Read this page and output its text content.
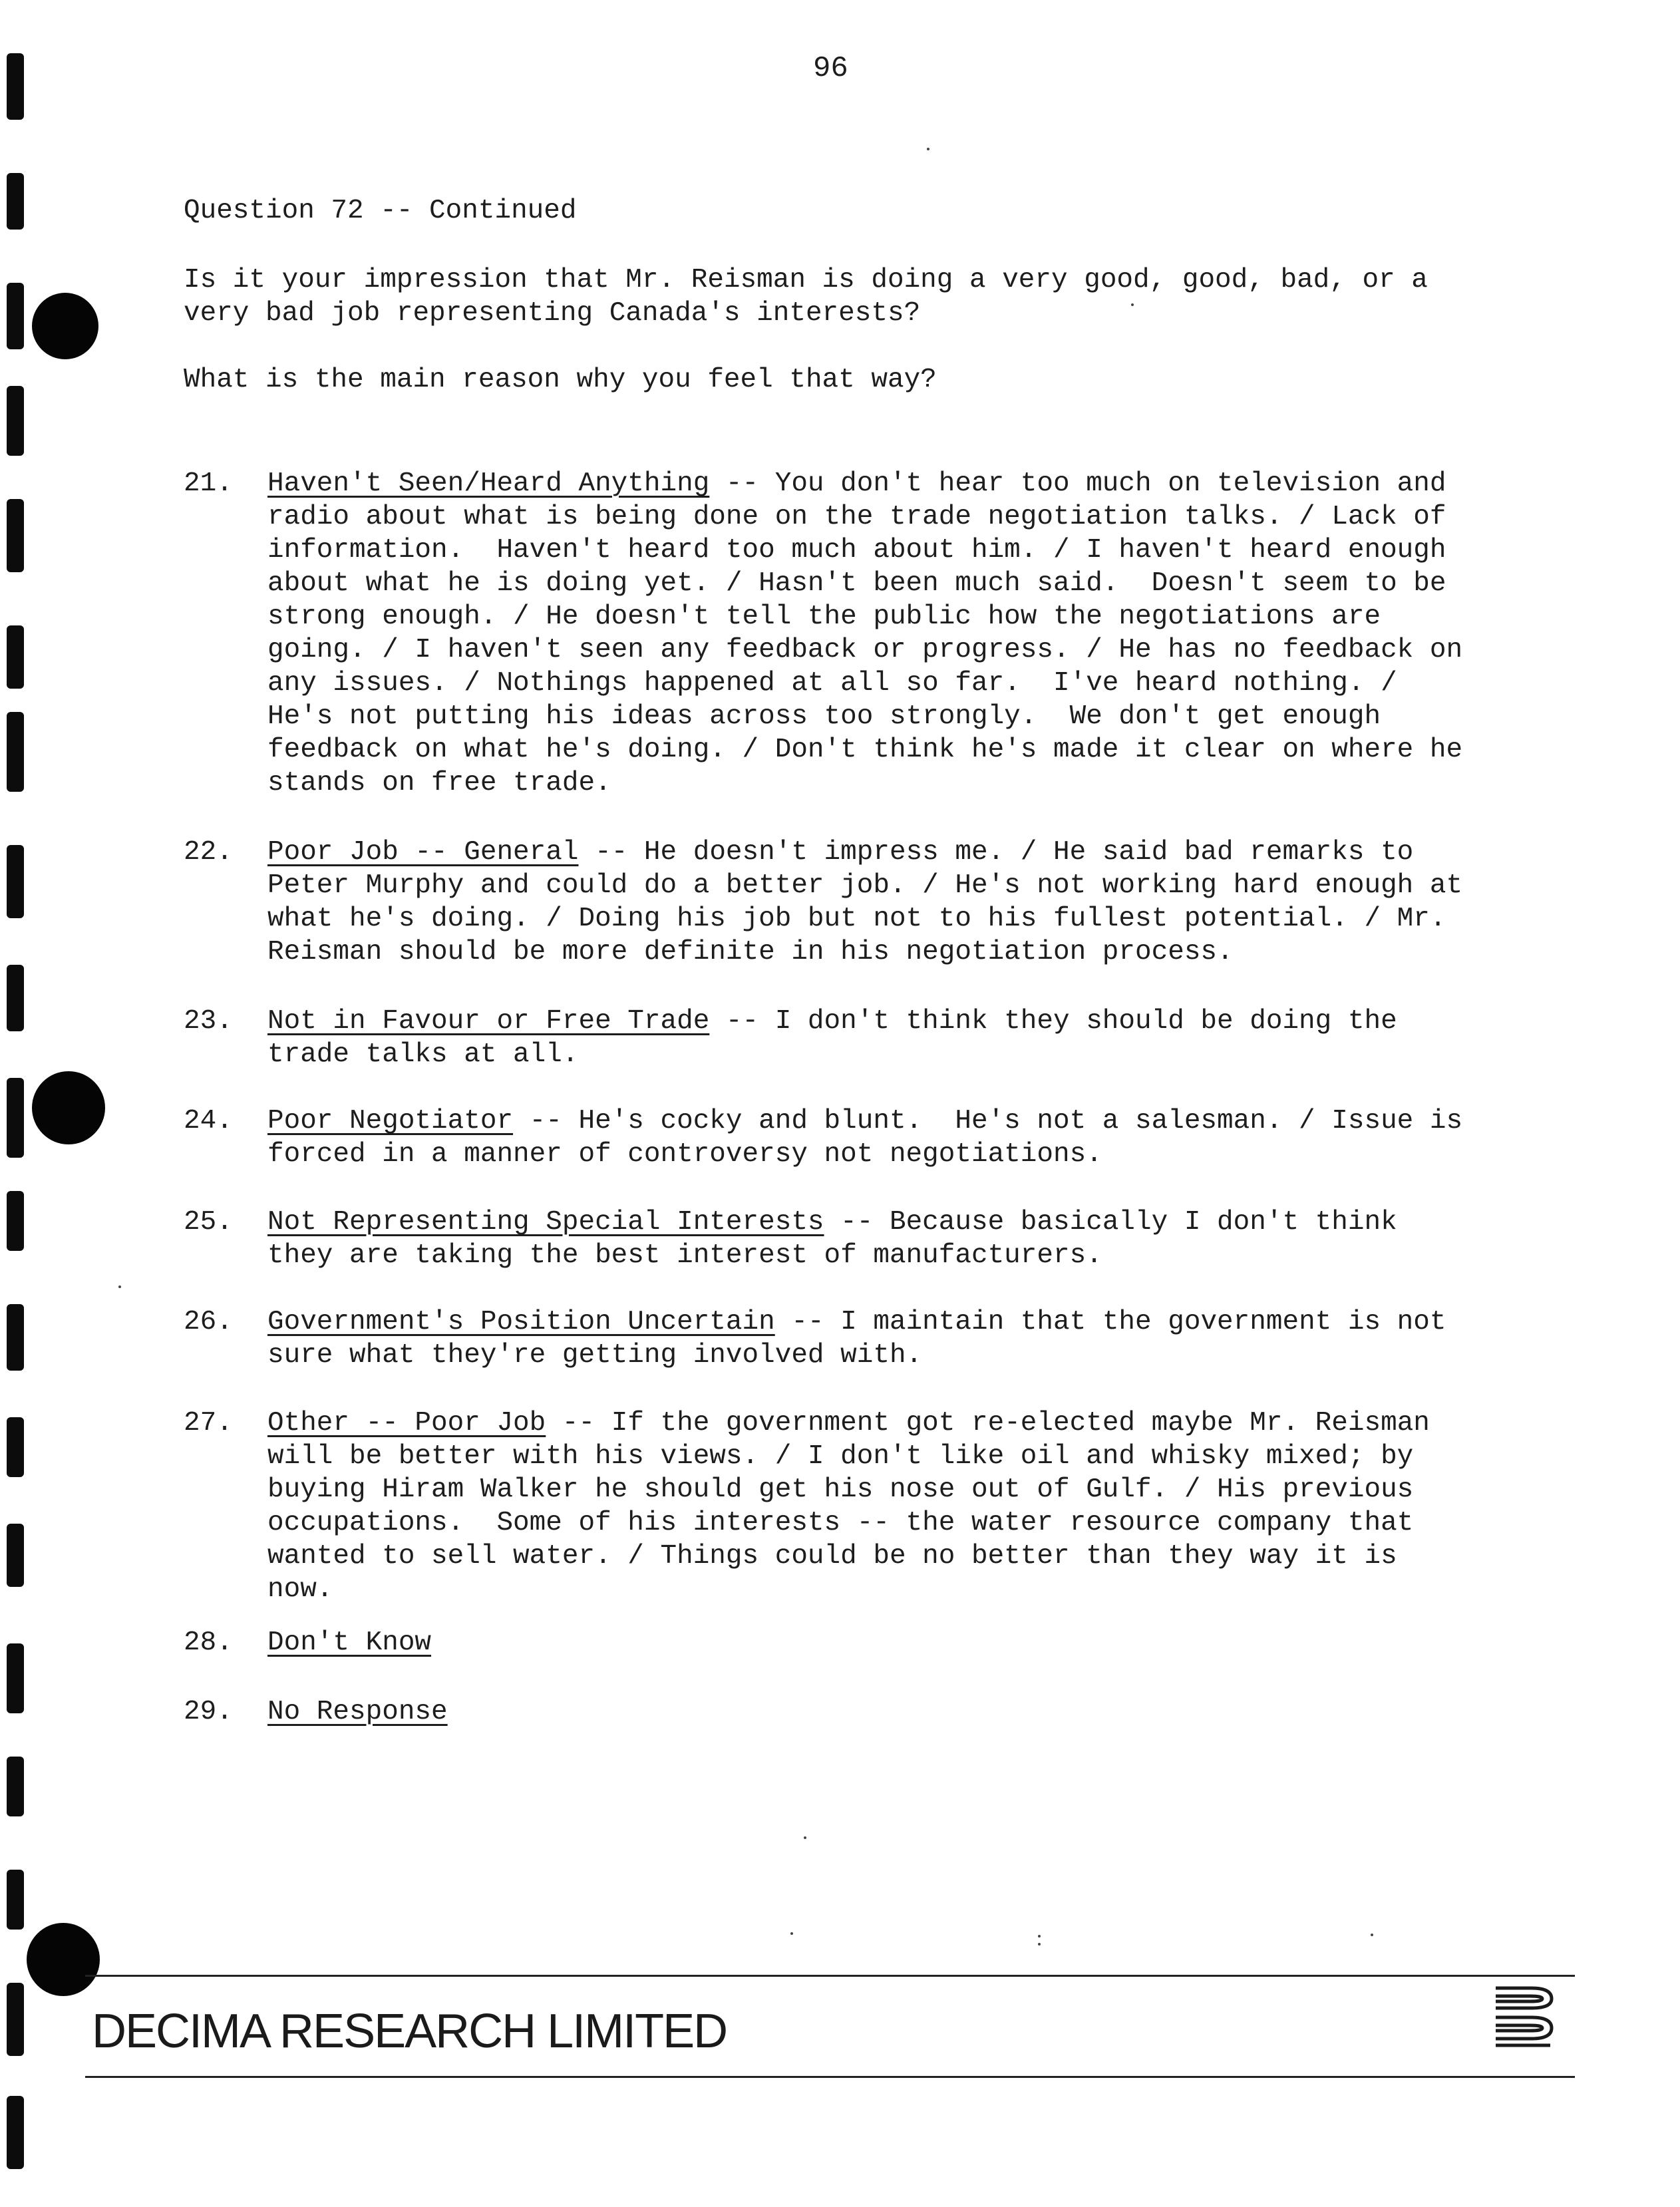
96
Question 72 -- Continued
Is it your impression that Mr. Reisman is doing a very good, good, bad, or a
very bad job representing Canada's interests?
What is the main reason why you feel that way?
21. Haven't Seen/Heard Anything -- You don't hear too much on television and
radio about what is being done on the trade negotiation talks. / Lack of
information.  Haven't heard too much about him. / I haven't heard enough
about what he is doing yet. / Hasn't been much said.  Doesn't seem to be
strong enough. / He doesn't tell the public how the negotiations are
going. / I haven't seen any feedback or progress. / He has no feedback on
any issues. / Nothings happened at all so far.  I've heard nothing. /
He's not putting his ideas across too strongly.  We don't get enough
feedback on what he's doing. / Don't think he's made it clear on where he
stands on free trade.
22. Poor Job -- General -- He doesn't impress me. / He said bad remarks to
Peter Murphy and could do a better job. / He's not working hard enough at
what he's doing. / Doing his job but not to his fullest potential. / Mr.
Reisman should be more definite in his negotiation process.
23. Not in Favour or Free Trade -- I don't think they should be doing the
trade talks at all.
24. Poor Negotiator -- He's cocky and blunt.  He's not a salesman. / Issue is
forced in a manner of controversy not negotiations.
25. Not Representing Special Interests -- Because basically I don't think
they are taking the best interest of manufacturers.
26. Government's Position Uncertain -- I maintain that the government is not
sure what they're getting involved with.
27. Other -- Poor Job -- If the government got re-elected maybe Mr. Reisman
will be better with his views. / I don't like oil and whisky mixed; by
buying Hiram Walker he should get his nose out of Gulf. / His previous
occupations.  Some of his interests -- the water resource company that
wanted to sell water. / Things could be no better than they way it is
now.
28. Don't Know
29. No Response
DECIMA RESEARCH LIMITED
